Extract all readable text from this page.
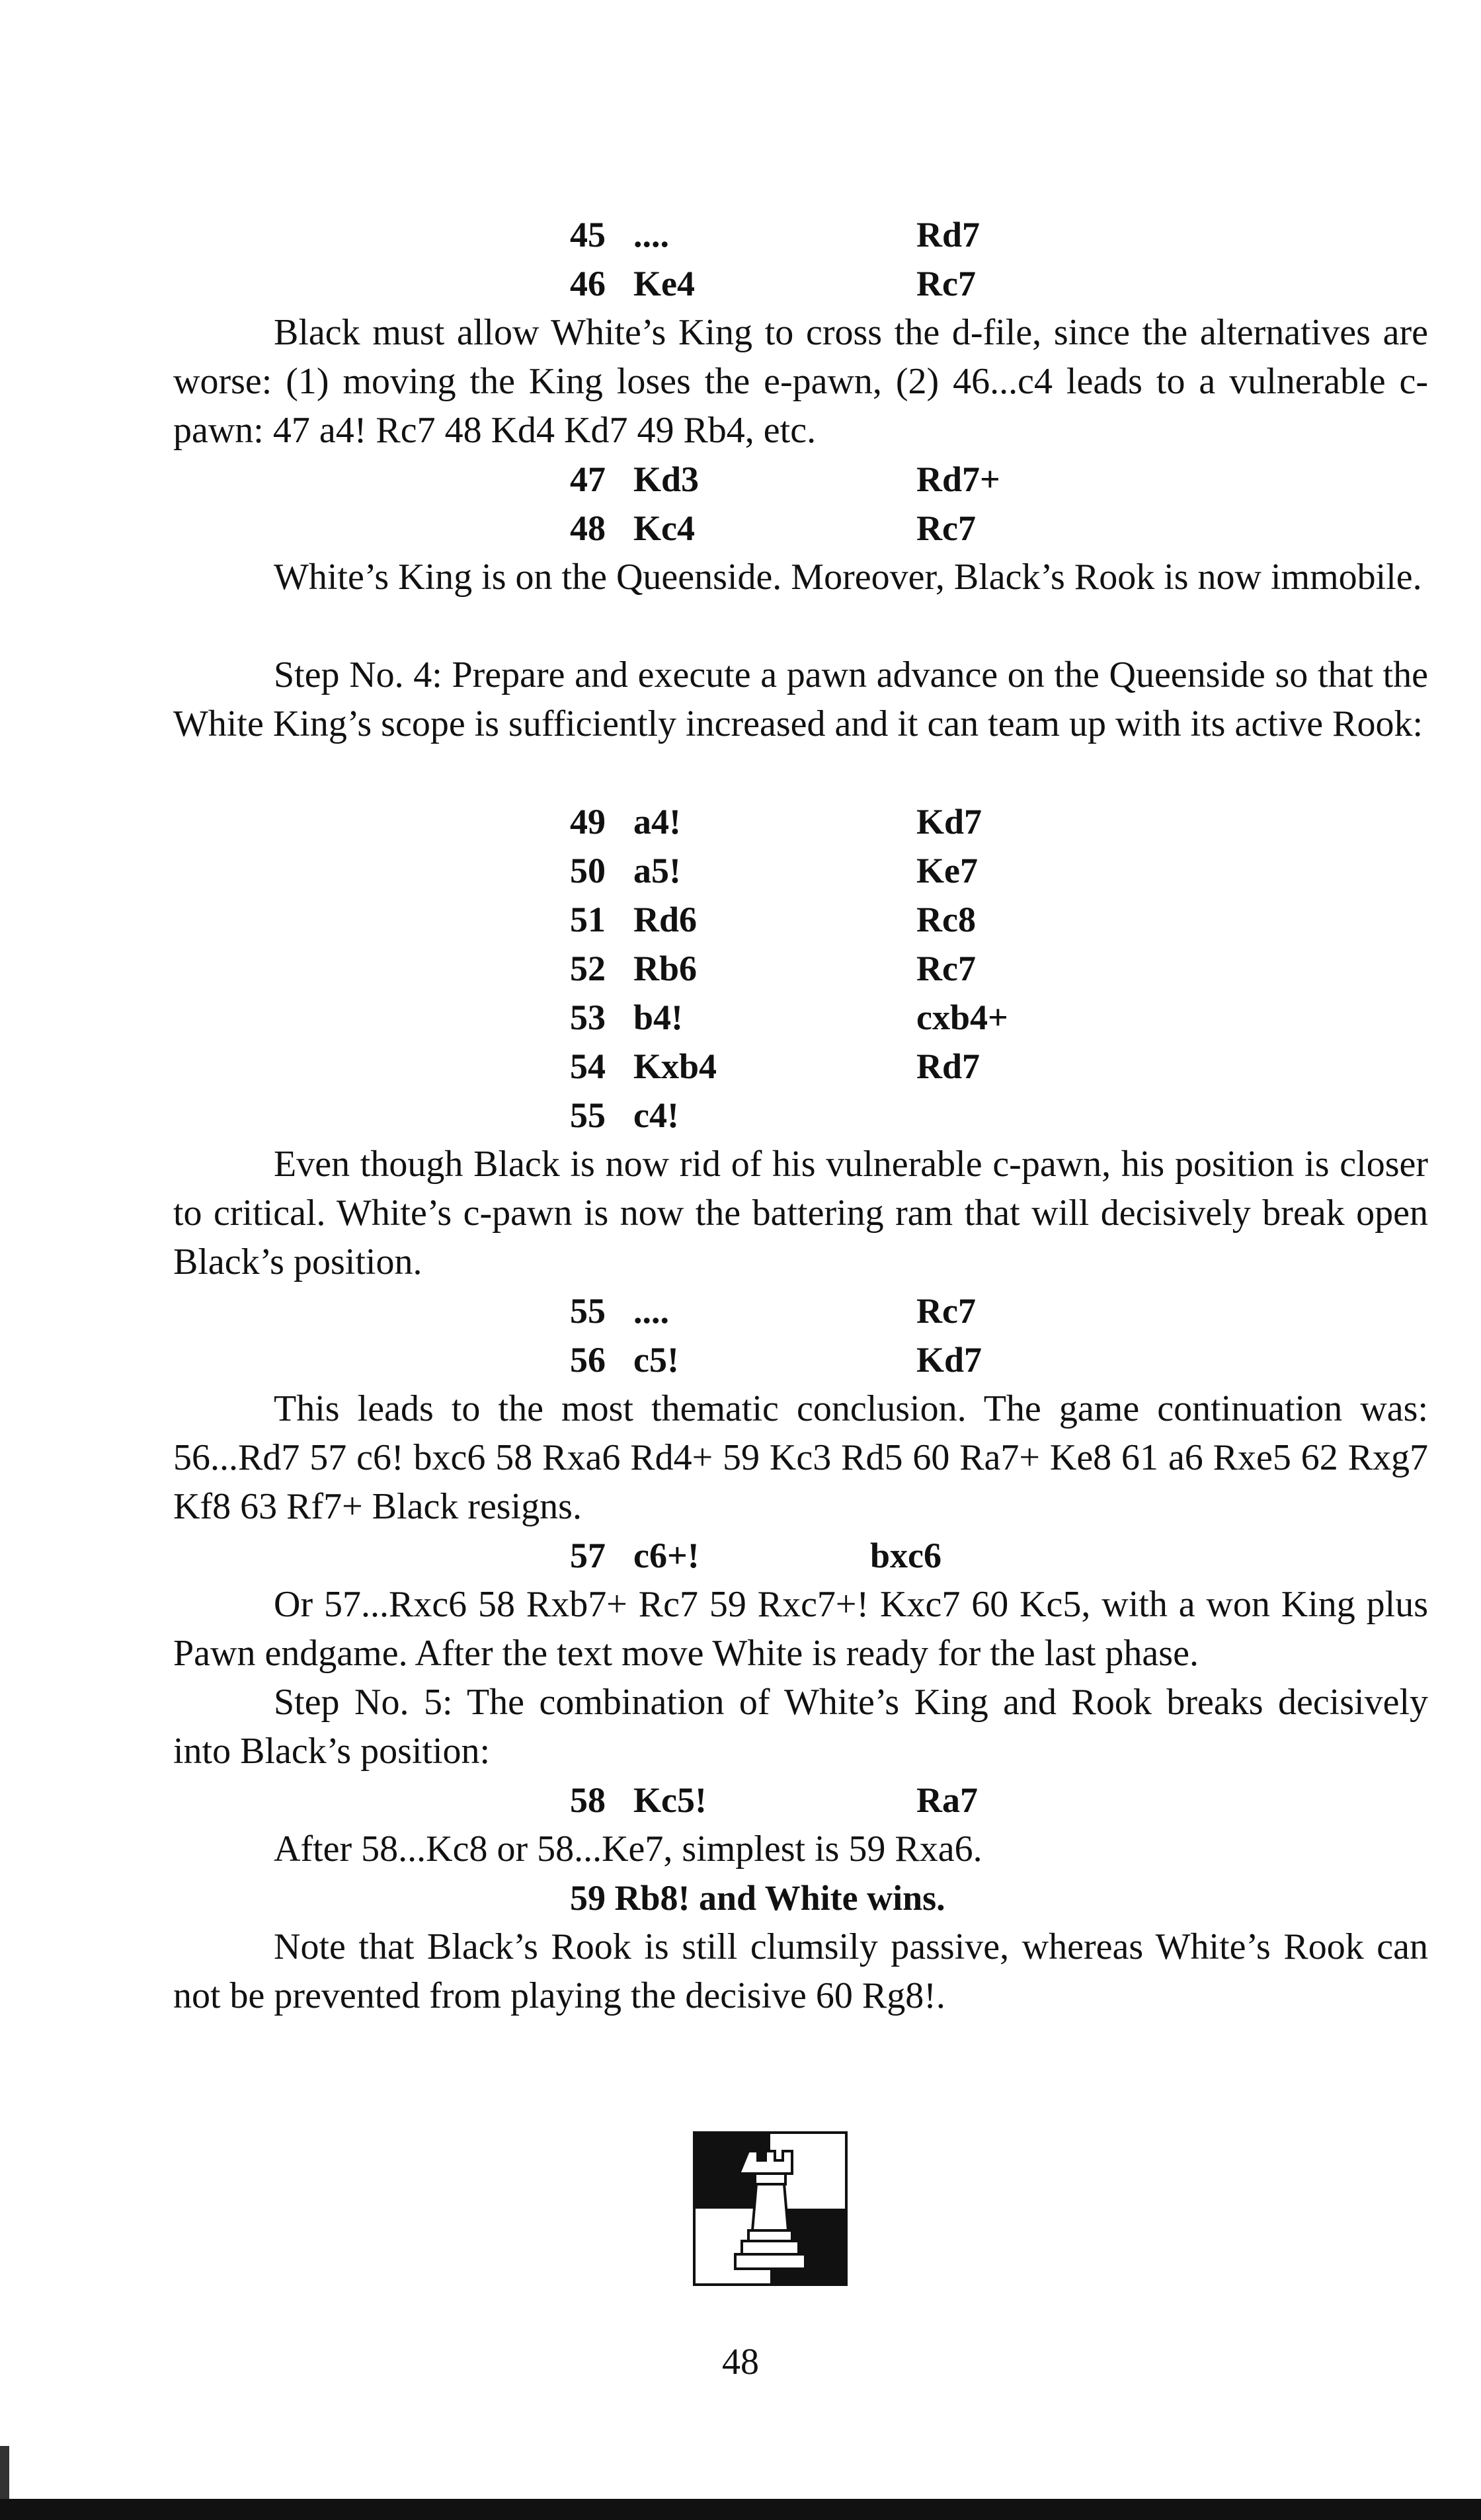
45 ....	Rd7
46 Ke4	Rc7

Black must allow White’s King to cross the d-file, since the alternatives are worse: (1) moving the King loses the e-pawn, (2) 46...c4 leads to a vulnerable c-pawn: 47 a4! Rc7 48 Kd4 Kd7 49 Rb4, etc.

47 Kd3	Rd7+
48 Kc4	Rc7

White’s King is on the Queenside. Moreover, Black’s Rook is now immobile.

Step No. 4: Prepare and execute a pawn advance on the Queenside so that the White King’s scope is sufficiently increased and it can team up with its active Rook:

49 a4!	Kd7
50 a5!	Ke7
51 Rd6	Rc8
52 Rb6	Rc7
53 b4!	cxb4+
54 Kxb4	Rd7
55 c4!

Even though Black is now rid of his vulnerable c-pawn, his position is closer to critical. White’s c-pawn is now the battering ram that will decisively break open Black’s position.

55 ....	Rc7
56 c5!	Kd7

This leads to the most thematic conclusion. The game continuation was: 56...Rd7 57 c6! bxc6 58 Rxa6 Rd4+ 59 Kc3 Rd5 60 Ra7+ Ke8 61 a6 Rxe5 62 Rxg7 Kf8 63 Rf7+ Black resigns.

57 c6+!	bxc6

Or 57...Rxc6 58 Rxb7+ Rc7 59 Rxc7+! Kxc7 60 Kc5, with a won King plus Pawn endgame. After the text move White is ready for the last phase.

Step No. 5: The combination of White’s King and Rook breaks decisively into Black’s position:

58 Kc5!	Ra7
After 58...Kc8 or 58...Ke7, simplest is 59 Rxa6.
59 Rb8! and White wins.

Note that Black’s Rook is still clumsily passive, whereas White’s Rook can not be prevented from playing the decisive 60 Rg8!.

48
